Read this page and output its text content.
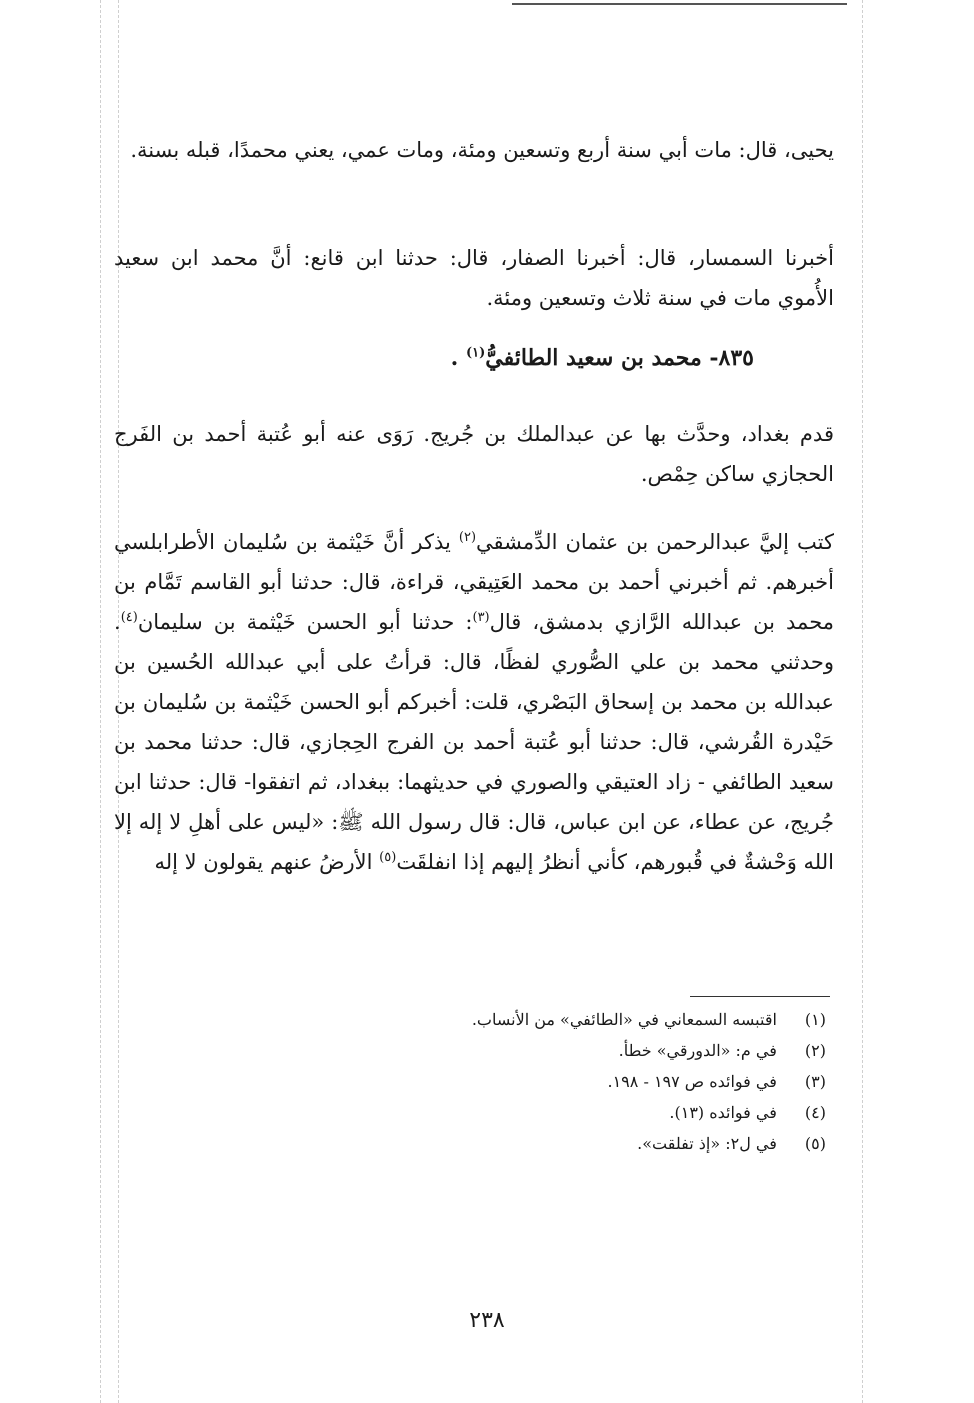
يحيى، قال: مات أبي سنة أربع وتسعين ومئة، ومات عمي، يعني محمدًا، قبله بسنة.

أخبرنا السمسار، قال: أخبرنا الصفار، قال: حدثنا ابن قانع: أنَّ محمد ابن سعيد الأُموي مات في سنة ثلاث وتسعين ومئة.

٨٣٥- محمد بن سعيد الطائفيُّ$^{(١)}$ .

قدم بغداد، وحدَّث بها عن عبدالملك بن جُريج. رَوَى عنه أبو عُتبة أحمد بن الفَرج الحجازي ساكن حِمْص.

كتب إليَّ عبدالرحمن بن عثمان الدِّمشقي$^{(٢)}$ يذكر أنَّ خَيْثمة بن سُليمان الأطرابلسي أخبرهم. ثم أخبرني أحمد بن محمد العَتِيقي، قراءة، قال: حدثنا أبو القاسم تَمَّام بن محمد بن عبدالله الرَّازي بدمشق، قال$^{(٣)}$: حدثنا أبو الحسن خَيْثمة بن سليمان$^{(٤)}$. وحدثني محمد بن علي الصُّوري لفظًا، قال: قرأتُ على أبي عبدالله الحُسين بن عبدالله بن محمد بن إسحاق البَصْري، قلت: أخبركم أبو الحسن خَيْثمة بن سُليمان بن حَيْدرة القُرشي، قال: حدثنا أبو عُتبة أحمد بن الفرج الحِجازي، قال: حدثنا محمد بن سعيد الطائفي - زاد العتيقي والصوري في حديثهما: ببغداد، ثم اتفقوا- قال: حدثنا ابن جُريج، عن عطاء، عن ابن عباس، قال: قال رسول الله ﷺ: «ليس على أهلِ لا إله إلا الله وَحْشةٌ في قُبورهم، كأني أنظرُ إليهم إذا انفلقَت$^{(٥)}$ الأرضُ عنهم يقولون لا إله

(١) اقتبسه السمعاني في «الطائفي» من الأنساب.
(٢) في م: «الدورقي» خطأ.
(٣) في فوائده ص ١٩٧ - ١٩٨.
(٤) في فوائده (١٣).
(٥) في ل٢: «إذ تفلقت».

٢٣٨
